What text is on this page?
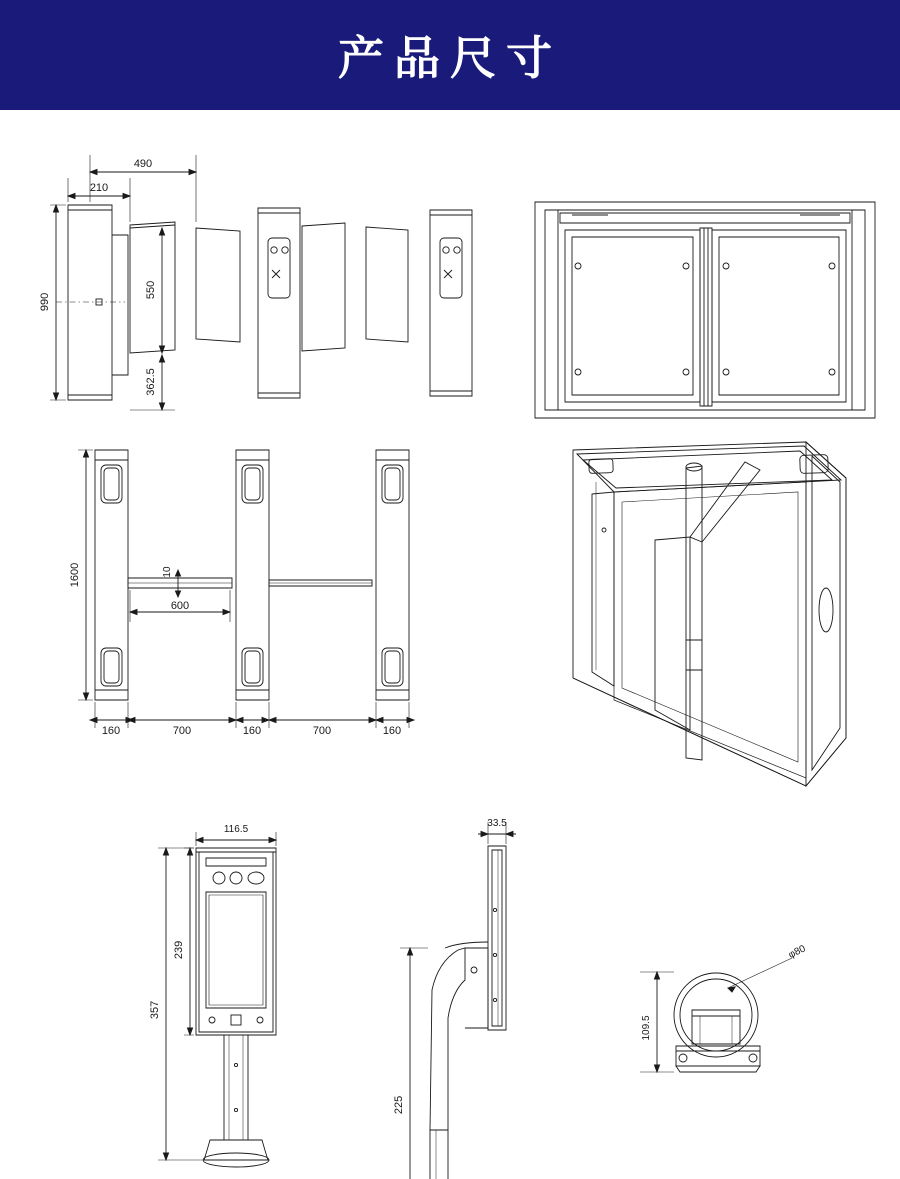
产品尺寸
490
210
990
550
362.5
1600	10
600
160	700	160	700	160
116.5
357
239
33.5
225
φ80
109.5
